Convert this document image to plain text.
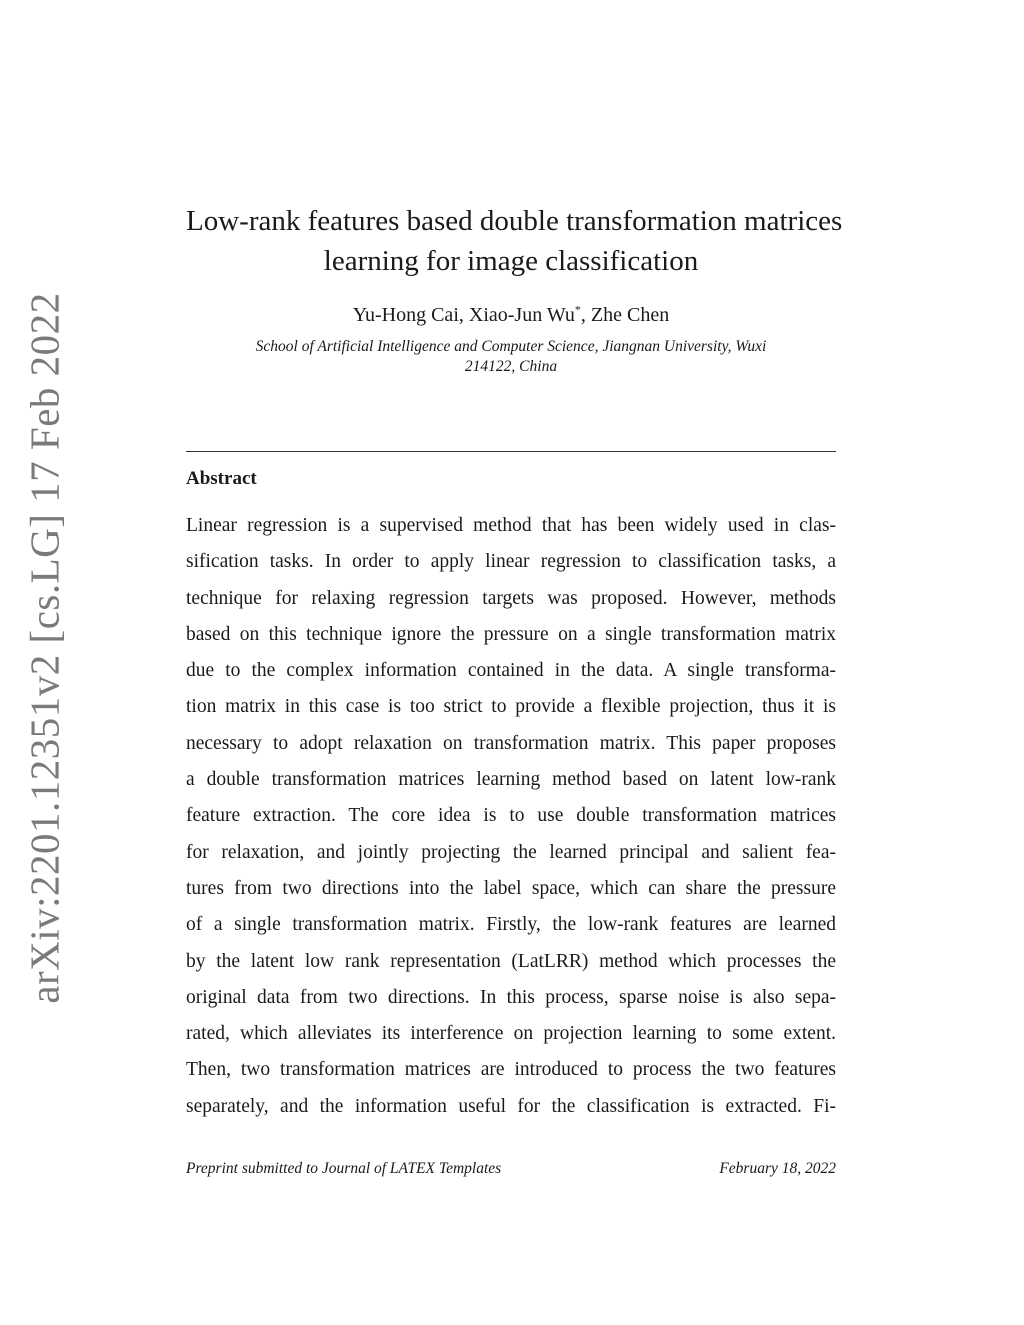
arXiv:2201.12351v2 [cs.LG] 17 Feb 2022
Low-rank features based double transformation matrices
learning for image classification
Yu-Hong Cai, Xiao-Jun Wu*, Zhe Chen
School of Artificial Intelligence and Computer Science, Jiangnan University, Wuxi
214122, China
Abstract
Linear regression is a supervised method that has been widely used in clas-
sification tasks. In order to apply linear regression to classification tasks, a
technique for relaxing regression targets was proposed. However, methods
based on this technique ignore the pressure on a single transformation matrix
due to the complex information contained in the data. A single transforma-
tion matrix in this case is too strict to provide a flexible projection, thus it is
necessary to adopt relaxation on transformation matrix. This paper proposes
a double transformation matrices learning method based on latent low-rank
feature extraction. The core idea is to use double transformation matrices
for relaxation, and jointly projecting the learned principal and salient fea-
tures from two directions into the label space, which can share the pressure
of a single transformation matrix. Firstly, the low-rank features are learned
by the latent low rank representation (LatLRR) method which processes the
original data from two directions. In this process, sparse noise is also sepa-
rated, which alleviates its interference on projection learning to some extent.
Then, two transformation matrices are introduced to process the two features
separately, and the information useful for the classification is extracted. Fi-
Preprint submitted to Journal of LATEX Templates	February 18, 2022
